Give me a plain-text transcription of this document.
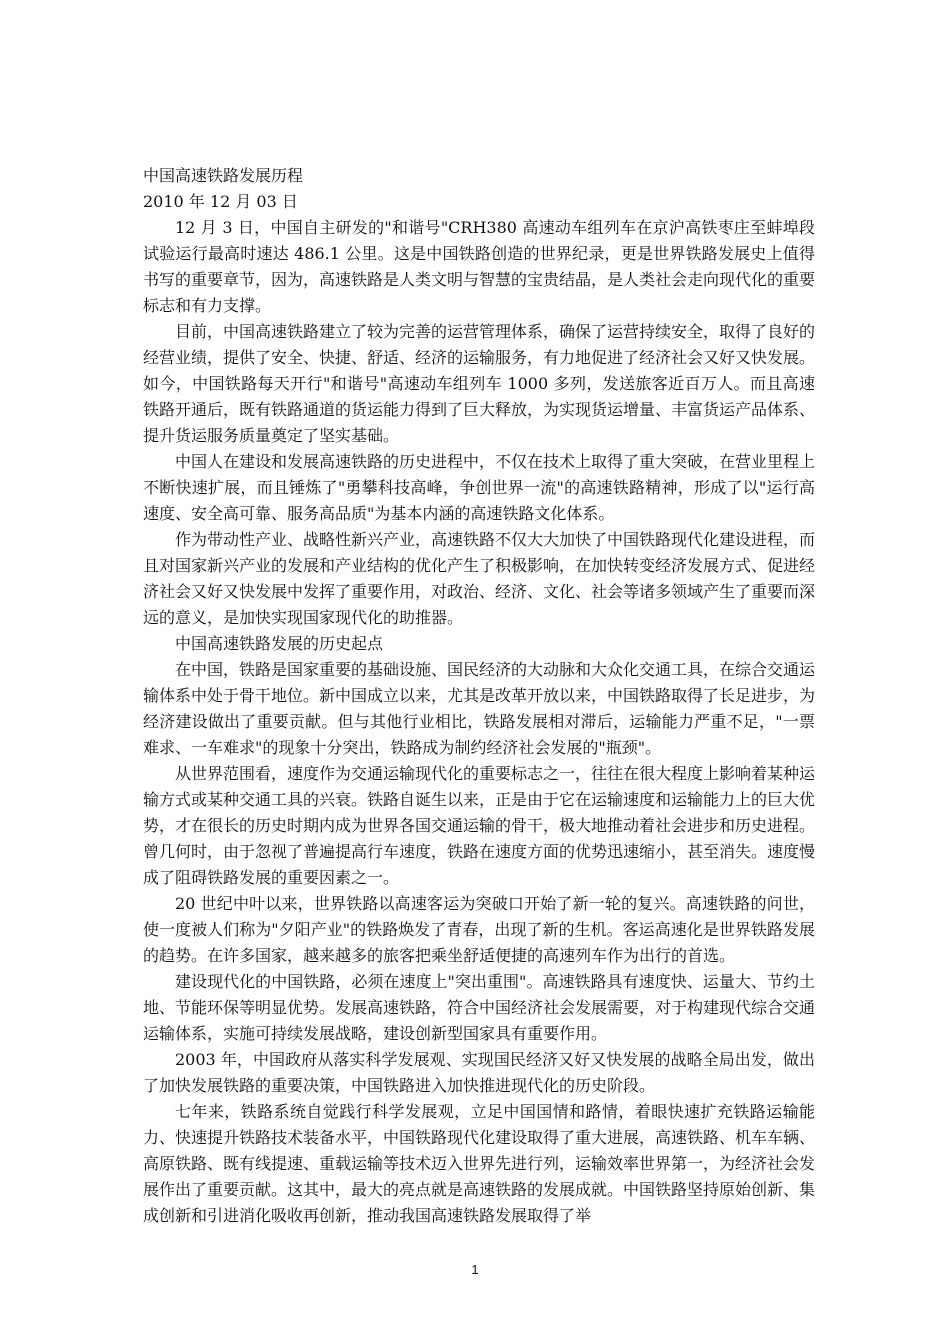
中国高速铁路发展历程

2010 年 12 月 03 日

12 月 3 日，中国自主研发的"和谐号"CRH380 高速动车组列车在京沪高铁枣庄至蚌埠段试验运行最高时速达 486.1 公里。这是中国铁路创造的世界纪录，更是世界铁路发展史上值得书写的重要章节，因为，高速铁路是人类文明与智慧的宝贵结晶，是人类社会走向现代化的重要标志和有力支撑。

目前，中国高速铁路建立了较为完善的运营管理体系，确保了运营持续安全，取得了良好的经营业绩，提供了安全、快捷、舒适、经济的运输服务，有力地促进了经济社会又好又快发展。如今，中国铁路每天开行"和谐号"高速动车组列车 1000 多列，发送旅客近百万人。而且高速铁路开通后，既有铁路通道的货运能力得到了巨大释放，为实现货运增量、丰富货运产品体系、提升货运服务质量奠定了坚实基础。

中国人在建设和发展高速铁路的历史进程中，不仅在技术上取得了重大突破，在营业里程上不断快速扩展，而且锤炼了"勇攀科技高峰，争创世界一流"的高速铁路精神，形成了以"运行高速度、安全高可靠、服务高品质"为基本内涵的高速铁路文化体系。

作为带动性产业、战略性新兴产业，高速铁路不仅大大加快了中国铁路现代化建设进程，而且对国家新兴产业的发展和产业结构的优化产生了积极影响，在加快转变经济发展方式、促进经济社会又好又快发展中发挥了重要作用，对政治、经济、文化、社会等诸多领域产生了重要而深远的意义，是加快实现国家现代化的助推器。

中国高速铁路发展的历史起点

在中国，铁路是国家重要的基础设施、国民经济的大动脉和大众化交通工具，在综合交通运输体系中处于骨干地位。新中国成立以来，尤其是改革开放以来，中国铁路取得了长足进步，为经济建设做出了重要贡献。但与其他行业相比，铁路发展相对滞后，运输能力严重不足，"一票难求、一车难求"的现象十分突出，铁路成为制约经济社会发展的"瓶颈"。

从世界范围看，速度作为交通运输现代化的重要标志之一，往往在很大程度上影响着某种运输方式或某种交通工具的兴衰。铁路自诞生以来，正是由于它在运输速度和运输能力上的巨大优势，才在很长的历史时期内成为世界各国交通运输的骨干，极大地推动着社会进步和历史进程。曾几何时，由于忽视了普遍提高行车速度，铁路在速度方面的优势迅速缩小，甚至消失。速度慢成了阻碍铁路发展的重要因素之一。

20 世纪中叶以来，世界铁路以高速客运为突破口开始了新一轮的复兴。高速铁路的问世，使一度被人们称为"夕阳产业"的铁路焕发了青春，出现了新的生机。客运高速化是世界铁路发展的趋势。在许多国家，越来越多的旅客把乘坐舒适便捷的高速列车作为出行的首选。

建设现代化的中国铁路，必须在速度上"突出重围"。高速铁路具有速度快、运量大、节约土地、节能环保等明显优势。发展高速铁路，符合中国经济社会发展需要，对于构建现代综合交通运输体系，实施可持续发展战略，建设创新型国家具有重要作用。

2003 年，中国政府从落实科学发展观、实现国民经济又好又快发展的战略全局出发，做出了加快发展铁路的重要决策，中国铁路进入加快推进现代化的历史阶段。

七年来，铁路系统自觉践行科学发展观，立足中国国情和路情，着眼快速扩充铁路运输能力、快速提升铁路技术装备水平，中国铁路现代化建设取得了重大进展，高速铁路、机车车辆、高原铁路、既有线提速、重载运输等技术迈入世界先进行列，运输效率世界第一，为经济社会发展作出了重要贡献。这其中，最大的亮点就是高速铁路的发展成就。中国铁路坚持原始创新、集成创新和引进消化吸收再创新，推动我国高速铁路发展取得了举

1
